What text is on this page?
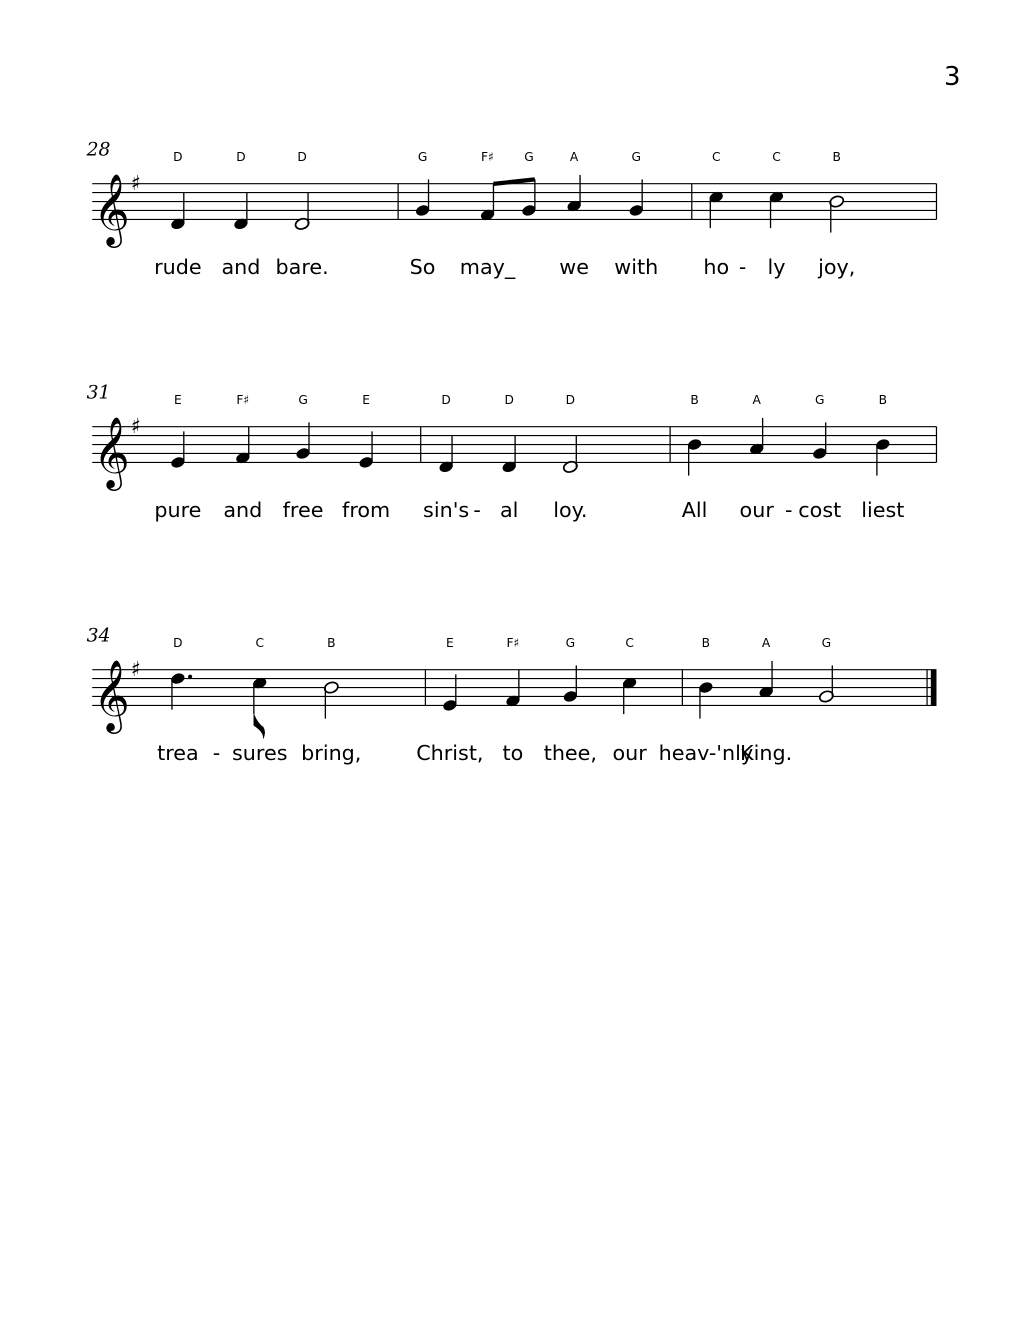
3
28
𝄞 ♯
D
rude
D
and
D
bare.
G
So
F♯
may_
G	A
we
G
with
C
ho
C
ly
B
joy,
-
31
𝄞 ♯
E
pure
F♯
and
G
free
E
from
D
sin's
D
al
D
loy.
B
All
A
our
G
cost
B
liest
-	-
34
𝄞 ♯
D
trea
C
sures
B
bring,
E
Christ,
F♯
to
G
thee,
C
our
B
heav-'nly
A
King.
G
-
